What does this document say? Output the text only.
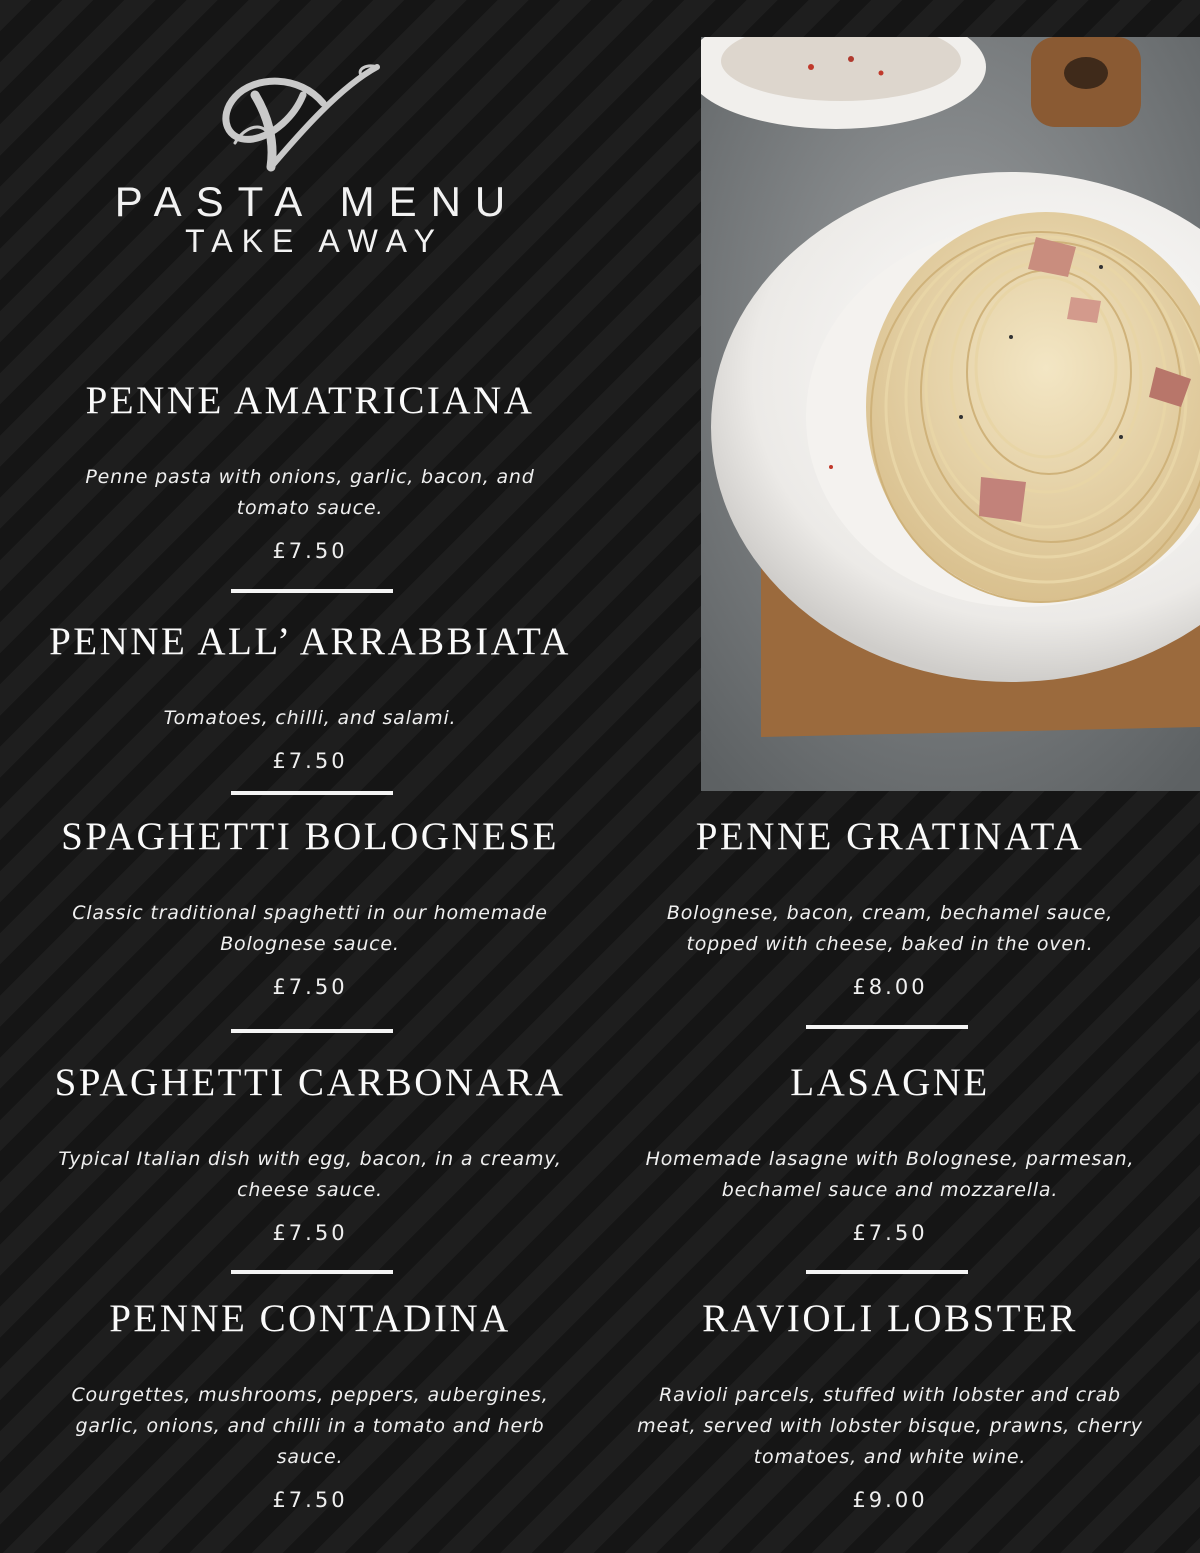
PASTA MENU
TAKE AWAY
PENNE AMATRICIANA
Penne pasta with onions, garlic, bacon, and tomato sauce.
£7.50
PENNE ALL’ ARRABBIATA
Tomatoes, chilli, and salami.
£7.50
SPAGHETTI BOLOGNESE
Classic traditional spaghetti in our homemade Bolognese sauce.
£7.50
SPAGHETTI CARBONARA
Typical Italian dish with egg, bacon, in a creamy, cheese sauce.
£7.50
PENNE CONTADINA
Courgettes, mushrooms, peppers, aubergines, garlic, onions, and chilli in a tomato and herb sauce.
£7.50
PENNE GRATINATA
Bolognese, bacon, cream, bechamel sauce, topped with cheese, baked in the oven.
£8.00
LASAGNE
Homemade lasagne with Bolognese, parmesan, bechamel sauce and mozzarella.
£7.50
RAVIOLI LOBSTER
Ravioli parcels, stuffed with lobster and crab meat, served with lobster bisque, prawns, cherry tomatoes, and white wine.
£9.00
